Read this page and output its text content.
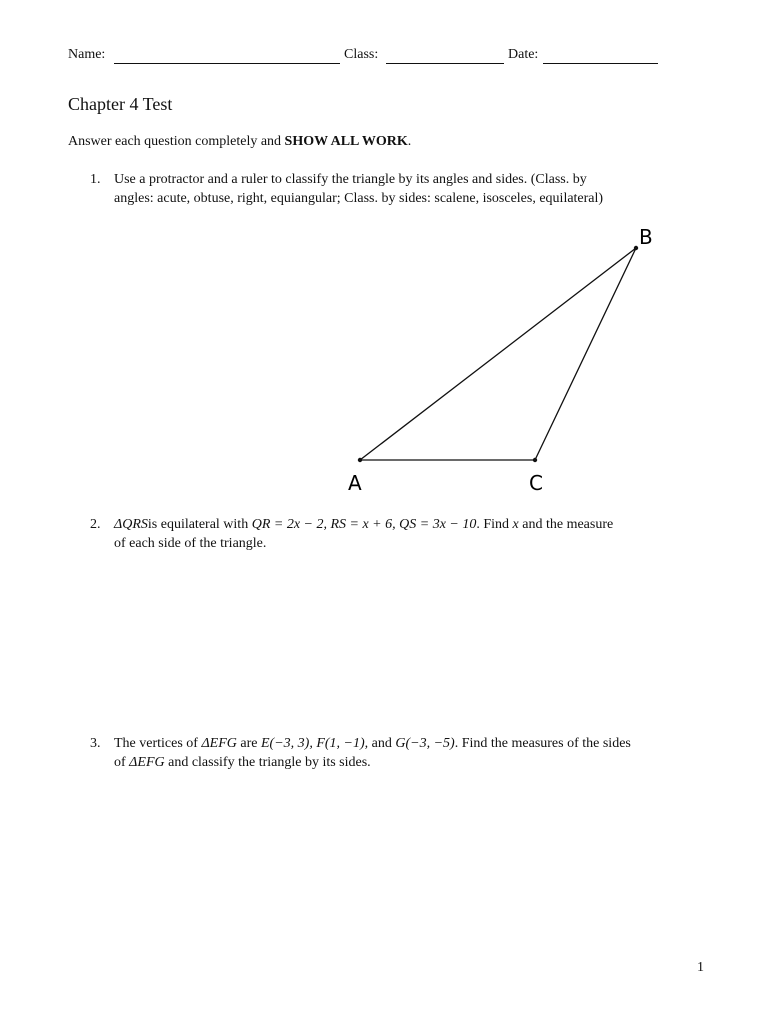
Name:	Class:	Date:
Chapter 4 Test
Answer each question completely and SHOW ALL WORK.
1. Use a protractor and a ruler to classify the triangle by its angles and sides. (Class. by
angles: acute, obtuse, right, equiangular; Class. by sides: scalene, isosceles, equilateral)
A	C
B
2. ΔQRSis equilateral with QR = 2x − 2, RS = x + 6, QS = 3x − 10. Find x and the measure
of each side of the triangle.
3. The vertices of ΔEFG are E(−3, 3), F(1, −1), and G(−3, −5). Find the measures of the sides
of ΔEFG and classify the triangle by its sides.
1
